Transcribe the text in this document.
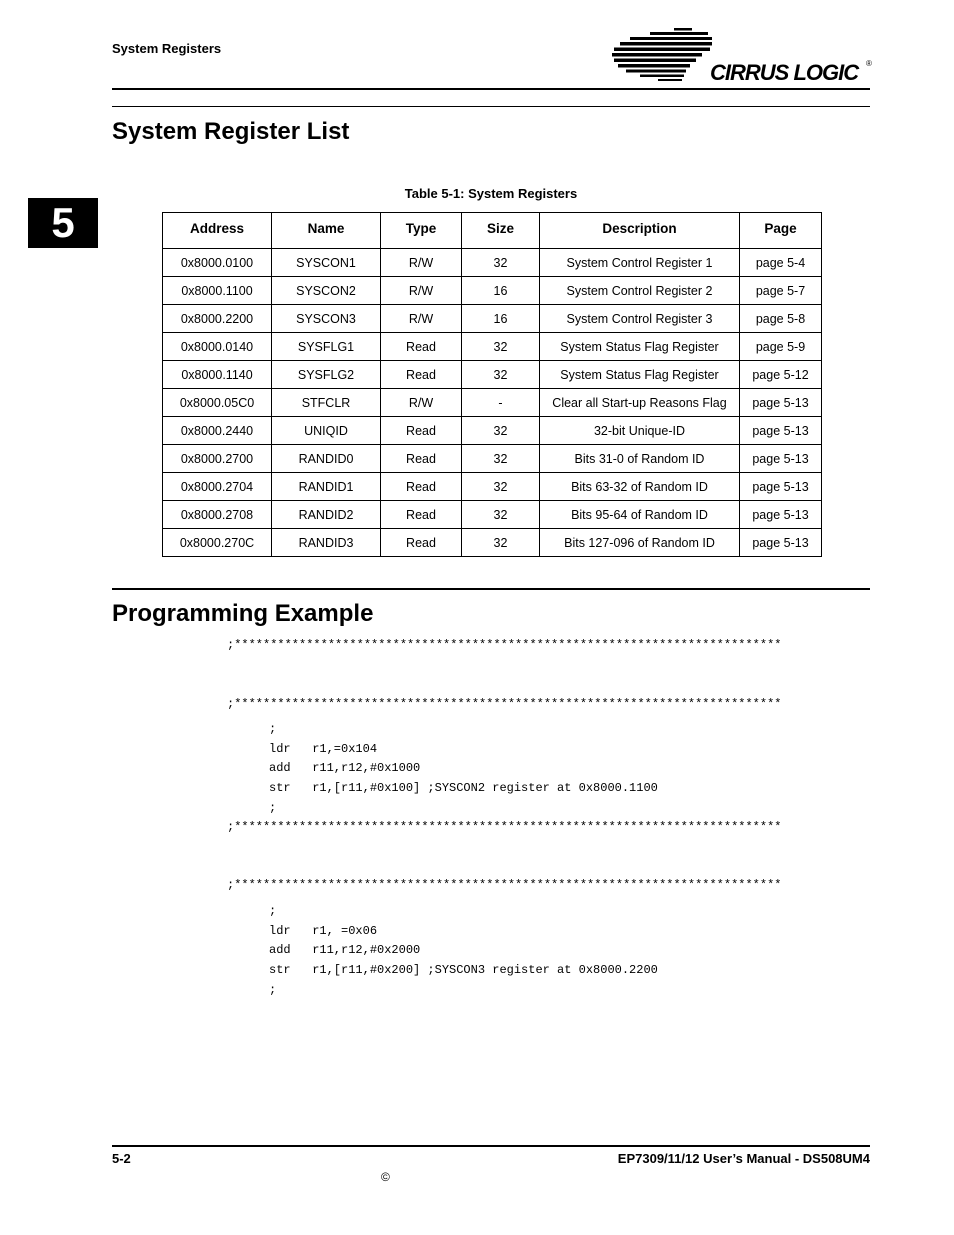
System Registers
CIRRUS LOGIC ®
5
System Register List
Table 5-1: System Registers
Address	Name	Type	Size	Description	Page

0x8000.0100	SYSCON1	R/W	32	System Control Register 1	page 5-4
0x8000.1100	SYSCON2	R/W	16	System Control Register 2	page 5-7
0x8000.2200	SYSCON3	R/W	16	System Control Register 3	page 5-8
0x8000.0140	SYSFLG1	Read	32	System Status Flag Register	page 5-9
0x8000.1140	SYSFLG2	Read	32	System Status Flag Register	page 5-12
0x8000.05C0	STFCLR	R/W	-	Clear all Start-up Reasons Flag	page 5-13
0x8000.2440	UNIQID	Read	32	32-bit Unique-ID	page 5-13
0x8000.2700	RANDID0	Read	32	Bits 31-0 of Random ID	page 5-13
0x8000.2704	RANDID1	Read	32	Bits 63-32 of Random ID	page 5-13
0x8000.2708	RANDID2	Read	32	Bits 95-64 of Random ID	page 5-13
0x8000.270C	RANDID3	Read	32	Bits 127-096 of Random ID	page 5-13
Programming Example
;****************************************************************************
;****************************************************************************
;
ldr   r1,=0x104
add   r11,r12,#0x1000
str   r1,[r11,#0x100] ;SYSCON2 register at 0x8000.1100
;
;****************************************************************************
;****************************************************************************
;
ldr   r1, =0x06
add   r11,r12,#0x2000
str   r1,[r11,#0x200] ;SYSCON3 register at 0x8000.2200
;
5-2	EP7309/11/12 User’s Manual - DS508UM4
©
